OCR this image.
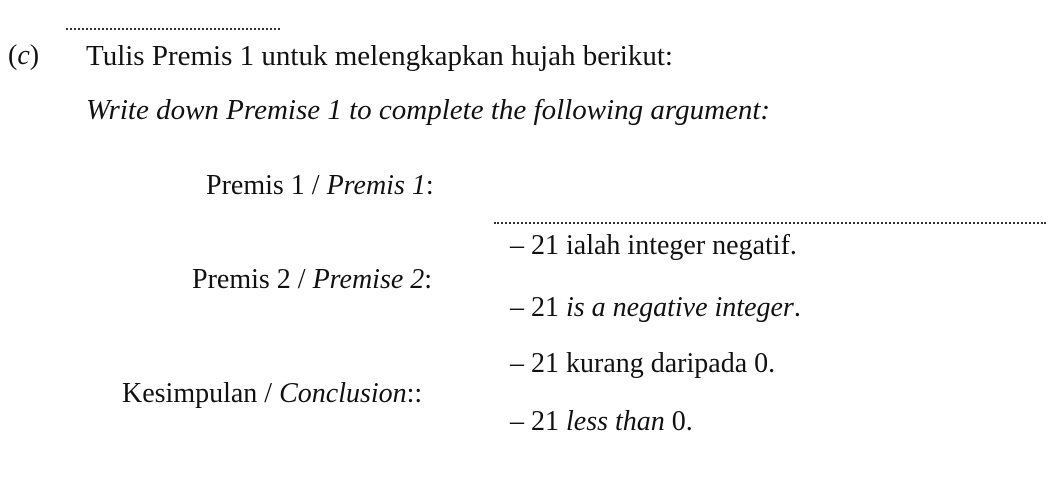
(c) Tulis Premis 1 untuk melengkapkan hujah berikut:
Write down Premise 1 to complete the following argument:
Premis 1 / Premis 1:
Premis 2 / Premise 2:
– 21 ialah integer negatif.
– 21 is a negative integer.
Kesimpulan / Conclusion::
– 21 kurang daripada 0.
– 21 less than 0.
